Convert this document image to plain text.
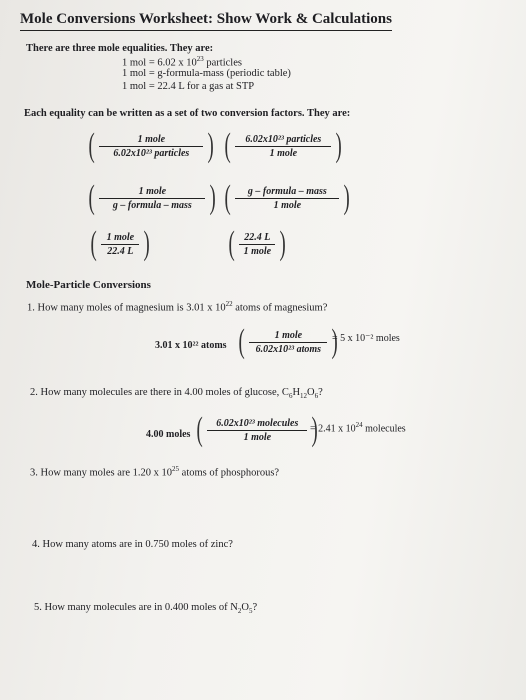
Mole Conversions Worksheet: Show Work & Calculations
There are three mole equalities. They are:
1 mol = 6.02 x $10^{23}$ particles
1 mol = g-formula-mass (periodic table)
1 mol = 22.4 L for a gas at STP
Each equality can be written as a set of two conversion factors. They are:
( $\frac{\text{1 mole}}{\text{6.02x10²³ particles}}$ ) ( $\frac{\text{6.02x10²³ particles}}{\text{1 mole}}$ )
( $\frac{\text{1 mole}}{\text{g – formula – mass}}$ ) ( $\frac{\text{g – formula – mass}}{\text{1 mole}}$ )
( $\frac{\text{1 mole}}{22.4 L}$ ) ( $\frac{22.4 L}{\text{1 mole}}$ )
Mole-Particle Conversions
1. How many moles of magnesium is 3.01 x $10^{22}$ atoms of magnesium?
3.01 x 10²² atoms ( $\frac{\text{1 mole}}{\text{6.02x10²³ atoms}}$ )
= 5 x 10⁻² moles
2. How many molecules are there in 4.00 moles of glucose, $C_6H_{12}O_6$?
4.00 moles ( $\frac{\text{6.02x10²³ molecules}}{\text{1 mole}}$ )
= 2.41 x $10^{24}$ molecules
3. How many moles are 1.20 x $10^{25}$ atoms of phosphorous?
4. How many atoms are in 0.750 moles of zinc?
5. How many molecules are in 0.400 moles of $N_2O_5$?
